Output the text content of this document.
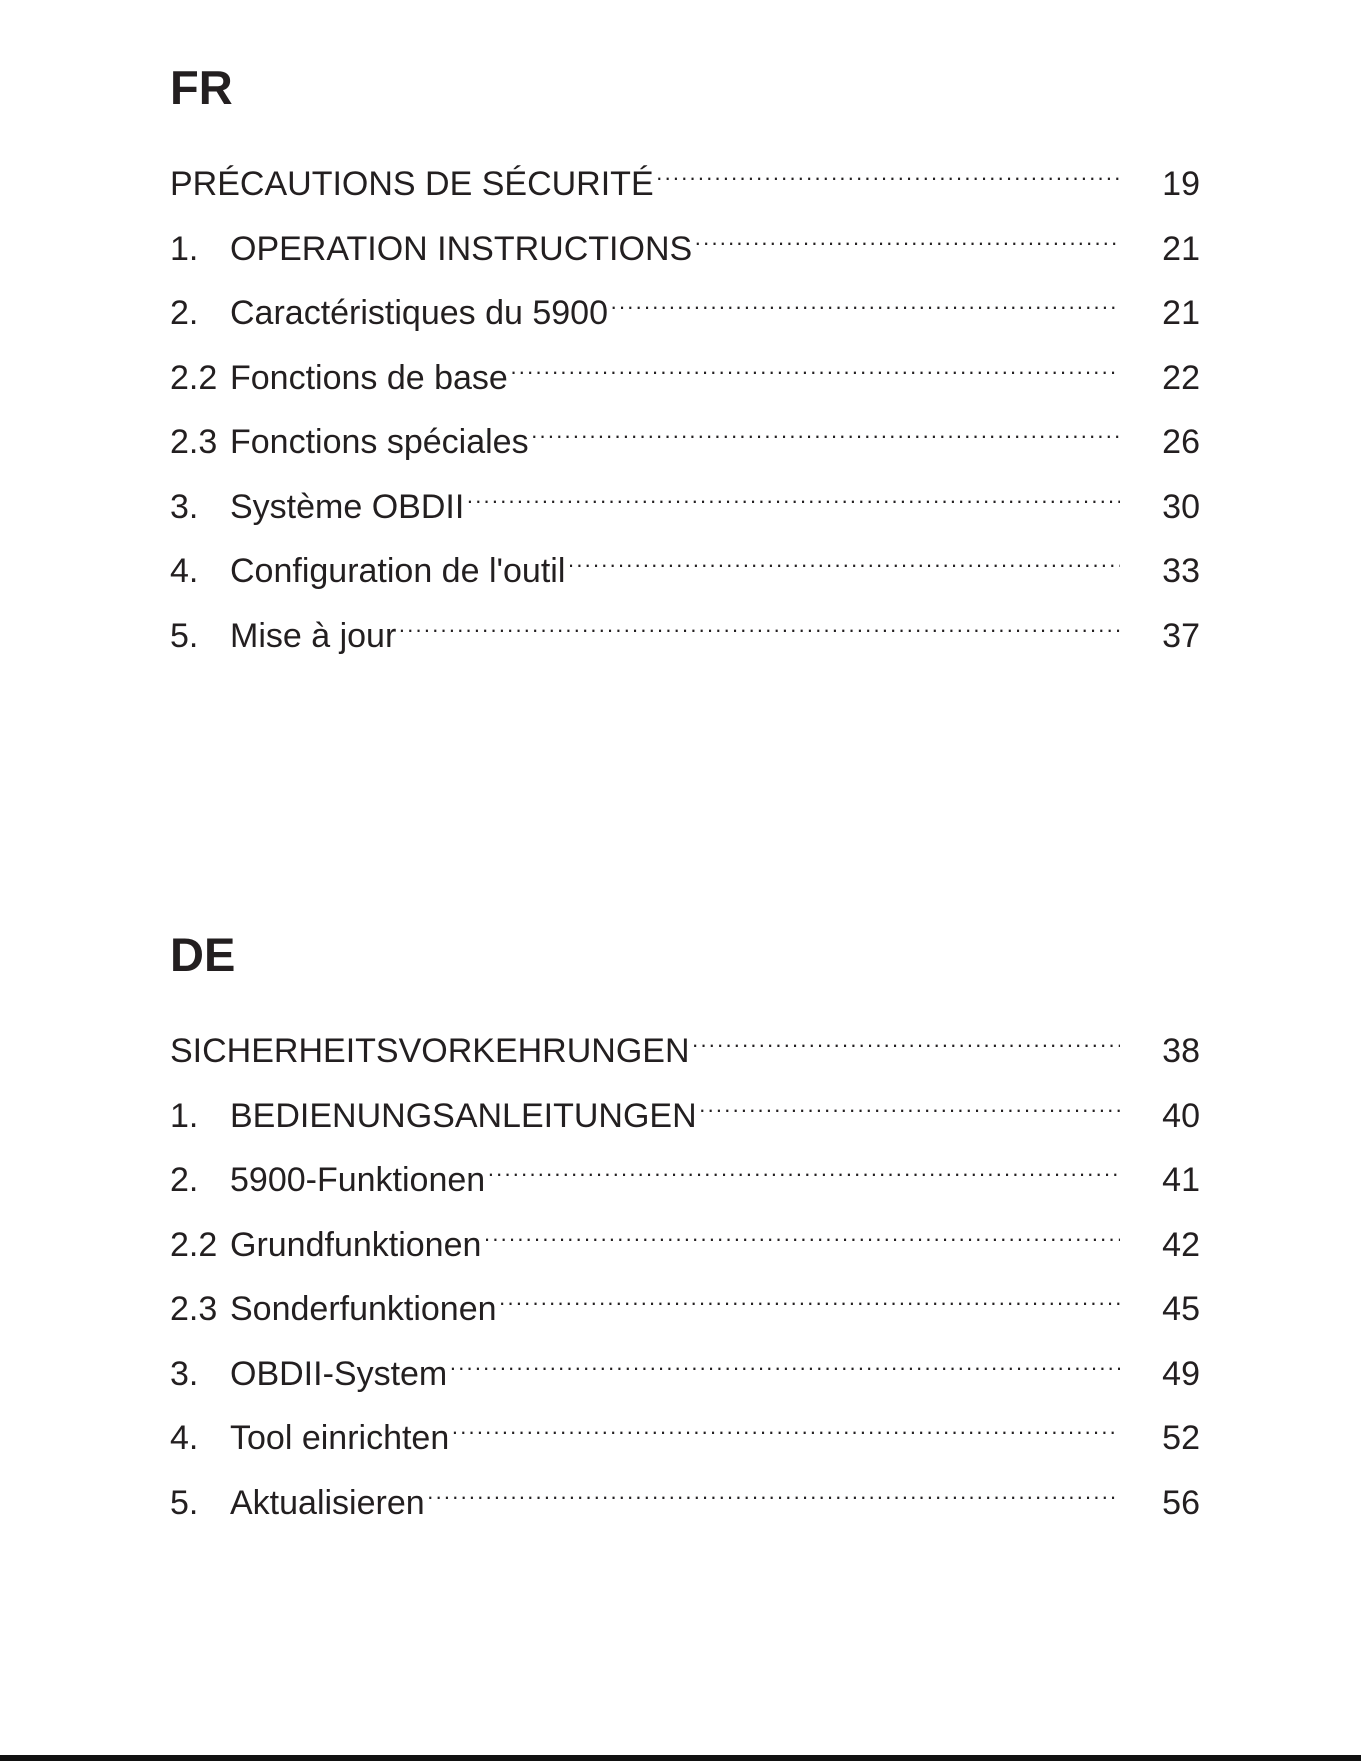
FR
PRÉCAUTIONS DE SÉCURITÉ ·····	19
1. OPERATION INSTRUCTIONS ·····	21
2. Caractéristiques du 5900 ·····	21
2.2 Fonctions de base ·····	22
2.3 Fonctions spéciales ·····	26
3. Système OBDII ·····	30
4. Configuration de l'outil ·····	33
5. Mise à jour ·····	37
DE
SICHERHEITSVORKEHRUNGEN ·····	38
1. BEDIENUNGSANLEITUNGEN ·····	40
2. 5900-Funktionen ·····	41
2.2 Grundfunktionen ·····	42
2.3 Sonderfunktionen ·····	45
3. OBDII-System ·····	49
4. Tool einrichten ·····	52
5. Aktualisieren ·····	56
